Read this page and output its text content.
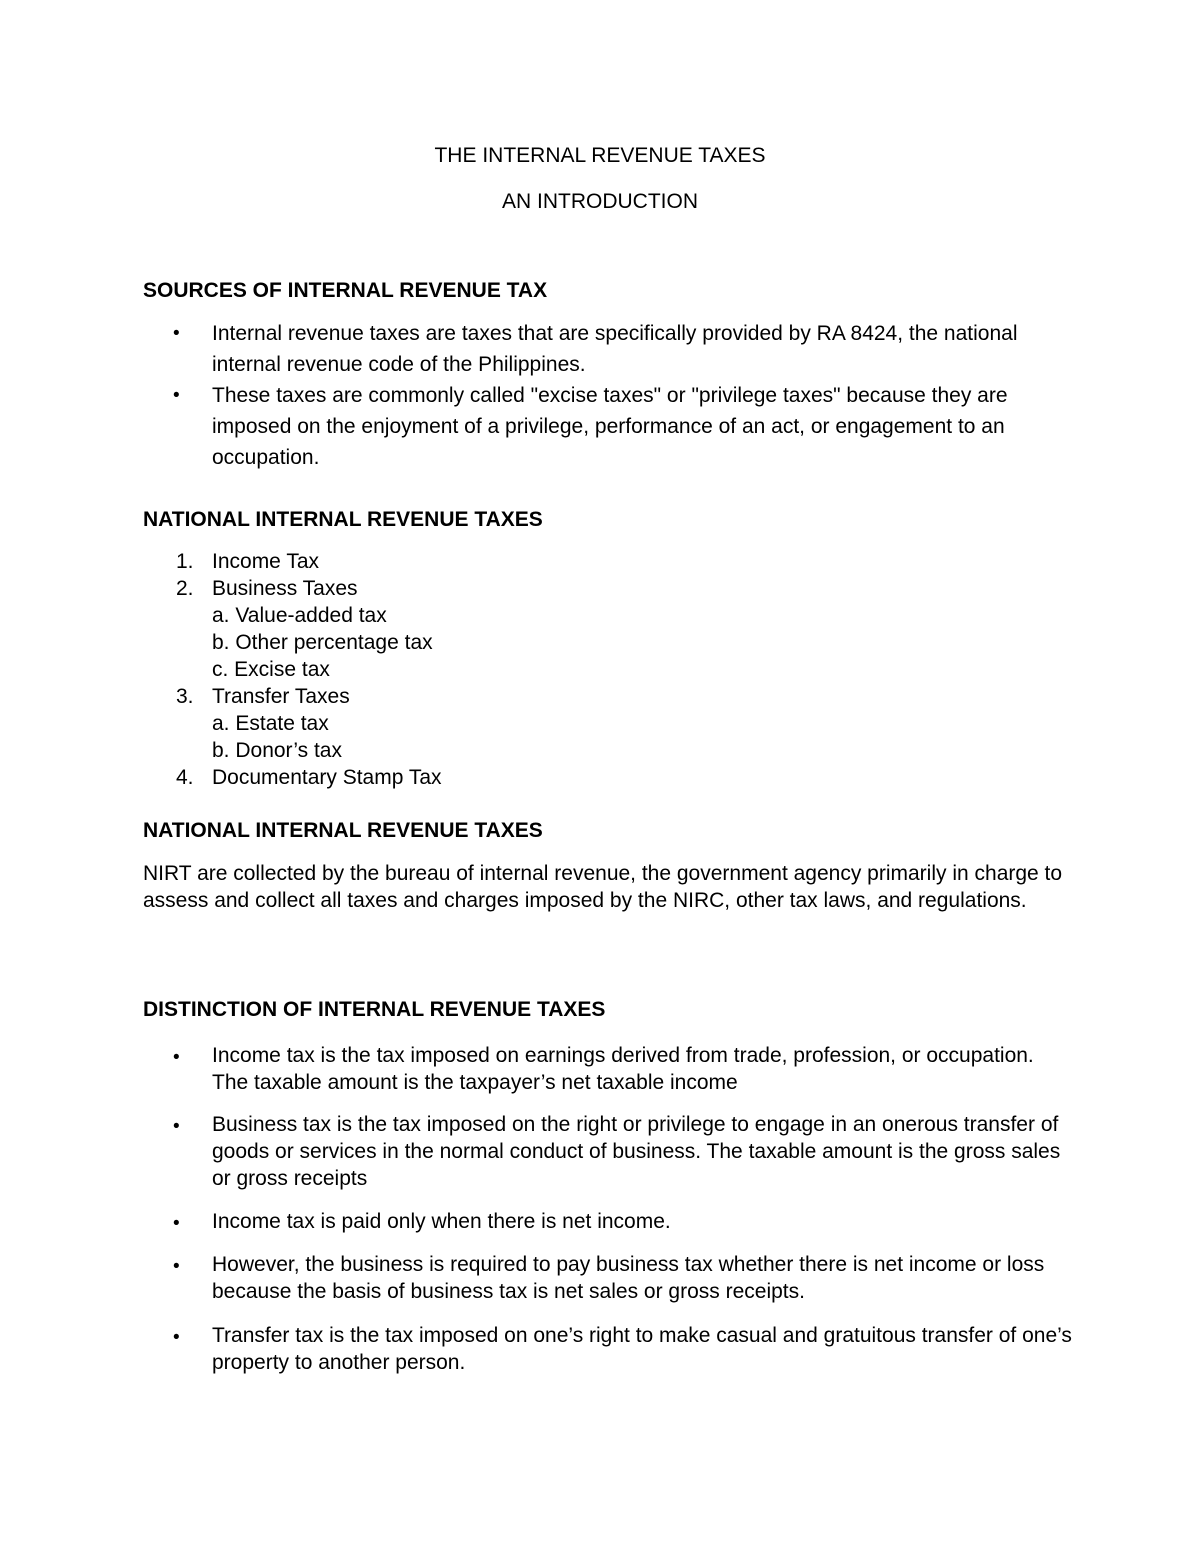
THE INTERNAL REVENUE TAXES
AN INTRODUCTION
SOURCES OF INTERNAL REVENUE TAX
• Internal revenue taxes are taxes that are specifically provided by RA 8424, the national internal revenue code of the Philippines.
• These taxes are commonly called "excise taxes" or "privilege taxes" because they are imposed on the enjoyment of a privilege, performance of an act, or engagement to an occupation.
NATIONAL INTERNAL REVENUE TAXES
1. Income Tax
2. Business Taxes
a. Value-added tax
b. Other percentage tax
c. Excise tax
3. Transfer Taxes
a. Estate tax
b. Donor’s tax
4. Documentary Stamp Tax
NATIONAL INTERNAL REVENUE TAXES
NIRT are collected by the bureau of internal revenue, the government agency primarily in charge to assess and collect all taxes and charges imposed by the NIRC, other tax laws, and regulations.
DISTINCTION OF INTERNAL REVENUE TAXES
• Income tax is the tax imposed on earnings derived from trade, profession, or occupation. The taxable amount is the taxpayer’s net taxable income
• Business tax is the tax imposed on the right or privilege to engage in an onerous transfer of goods or services in the normal conduct of business. The taxable amount is the gross sales or gross receipts
• Income tax is paid only when there is net income.
• However, the business is required to pay business tax whether there is net income or loss because the basis of business tax is net sales or gross receipts.
• Transfer tax is the tax imposed on one’s right to make casual and gratuitous transfer of one’s property to another person.
